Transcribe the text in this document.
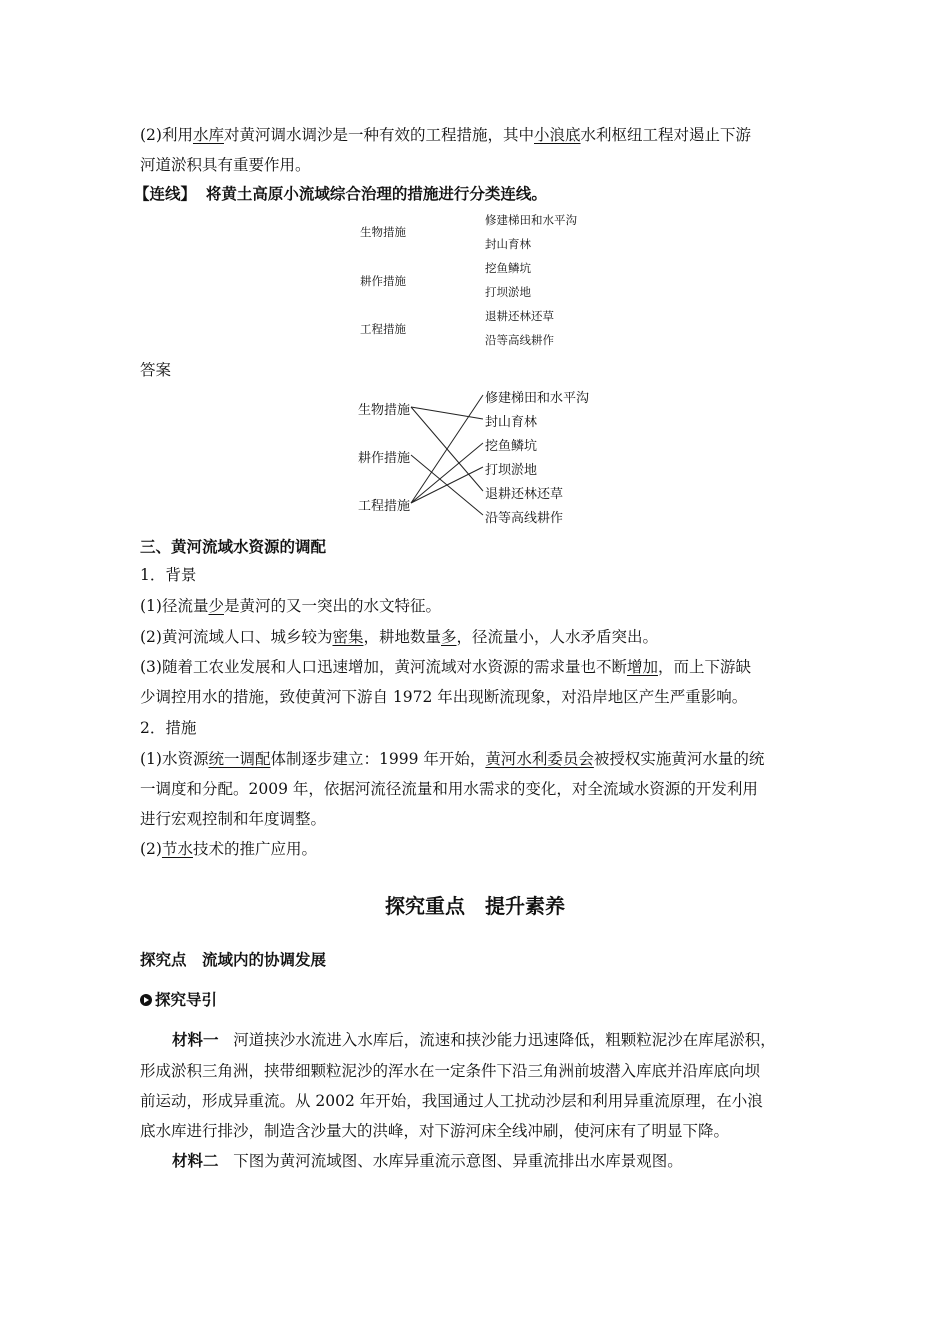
(2)利用水库对黄河调水调沙是一种有效的工程措施，其中小浪底水利枢纽工程对遏止下游
河道淤积具有重要作用。
【连线】 将黄土高原小流域综合治理的措施进行分类连线。
生物措施
耕作措施
工程措施
修建梯田和水平沟
封山育林
挖鱼鳞坑
打坝淤地
退耕还林还草
沿等高线耕作
答案
生物措施
耕作措施
工程措施
修建梯田和水平沟
封山育林
挖鱼鳞坑
打坝淤地
退耕还林还草
沿等高线耕作
三、黄河流域水资源的调配
1．背景
(1)径流量少是黄河的又一突出的水文特征。
(2)黄河流域人口、城乡较为密集，耕地数量多，径流量小，人水矛盾突出。
(3)随着工农业发展和人口迅速增加，黄河流域对水资源的需求量也不断增加，而上下游缺
少调控用水的措施，致使黄河下游自 1972 年出现断流现象，对沿岸地区产生严重影响。
2．措施
(1)水资源统一调配体制逐步建立：1999 年开始，黄河水利委员会被授权实施黄河水量的统
一调度和分配。2009 年，依据河流径流量和用水需求的变化，对全流域水资源的开发利用
进行宏观控制和年度调整。
(2)节水技术的推广应用。
探究重点　提升素养
探究点　流域内的协调发展
探究导引
材料一 河道挟沙水流进入水库后，流速和挟沙能力迅速降低，粗颗粒泥沙在库尾淤积，
形成淤积三角洲，挟带细颗粒泥沙的浑水在一定条件下沿三角洲前坡潜入库底并沿库底向坝
前运动，形成异重流。从 2002 年开始，我国通过人工扰动沙层和利用异重流原理，在小浪
底水库进行排沙，制造含沙量大的洪峰，对下游河床全线冲刷，使河床有了明显下降。
材料二 下图为黄河流域图、水库异重流示意图、异重流排出水库景观图。
